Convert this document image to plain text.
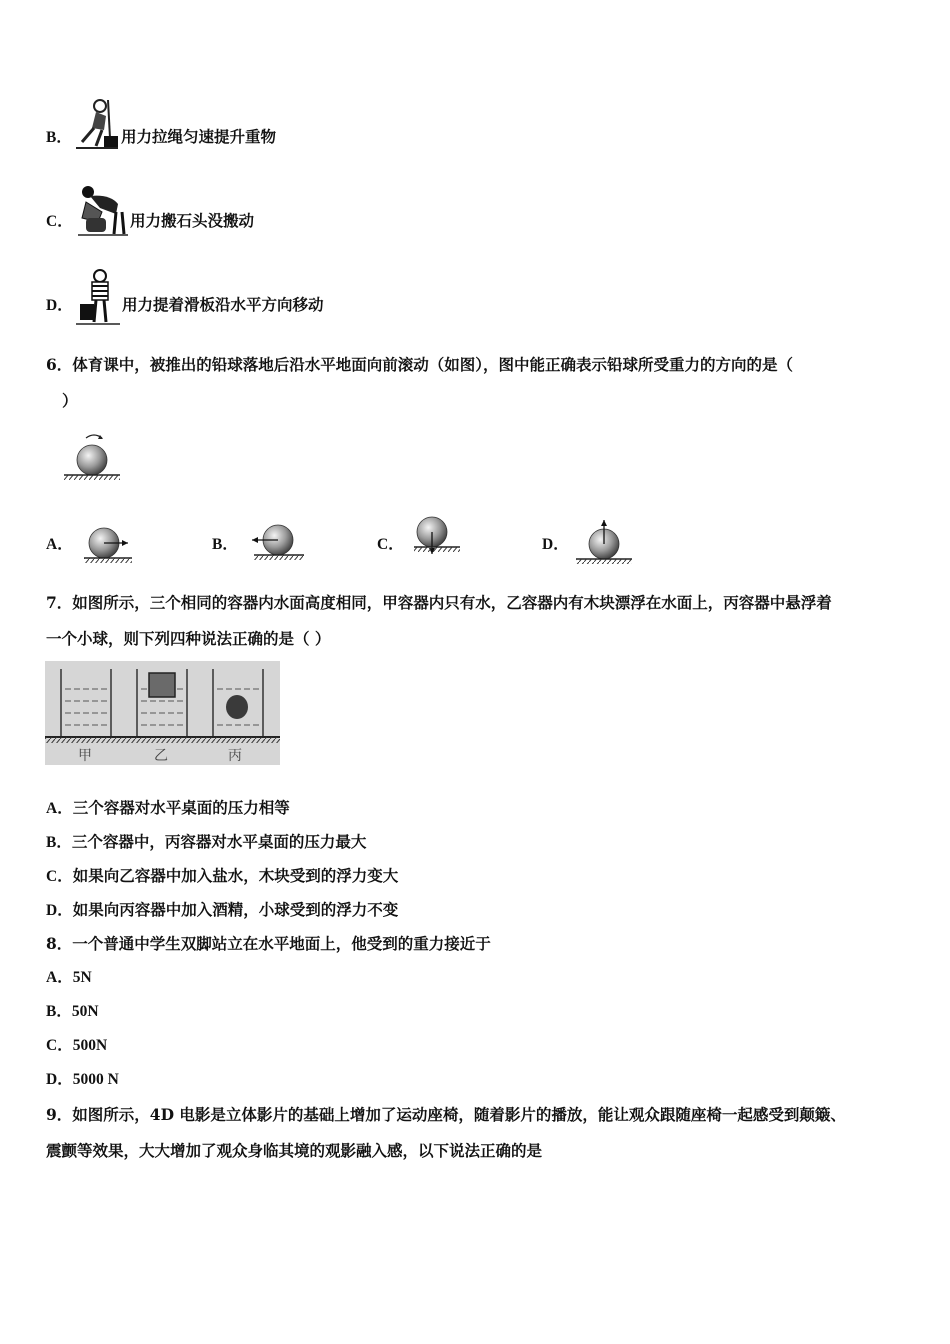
B．	用力拉绳匀速提升重物
C．	用力搬石头没搬动
D．	用力提着滑板沿水平方向移动
6．体育课中，被推出的铅球落地后沿水平地面向前滚动（如图），图中能正确表示铅球所受重力的方向的是（
）
A．	B．	C．	D．
7．如图所示，三个相同的容器内水面高度相同，甲容器内只有水，乙容器内有木块漂浮在水面上，丙容器中悬浮着
一个小球，则下列四种说法正确的是（ ）
甲	乙	丙
A．三个容器对水平桌面的压力相等
B．三个容器中，丙容器对水平桌面的压力最大
C．如果向乙容器中加入盐水，木块受到的浮力变大
D．如果向丙容器中加入酒精，小球受到的浮力不变
8．一个普通中学生双脚站立在水平地面上，他受到的重力接近于
A．5N
B．50N
C．500N
D．5000 N
9．如图所示，4D 电影是立体影片的基础上增加了运动座椅，随着影片的播放，能让观众跟随座椅一起感受到颠簸、
震颤等效果，大大增加了观众身临其境的观影融入感，以下说法正确的是
